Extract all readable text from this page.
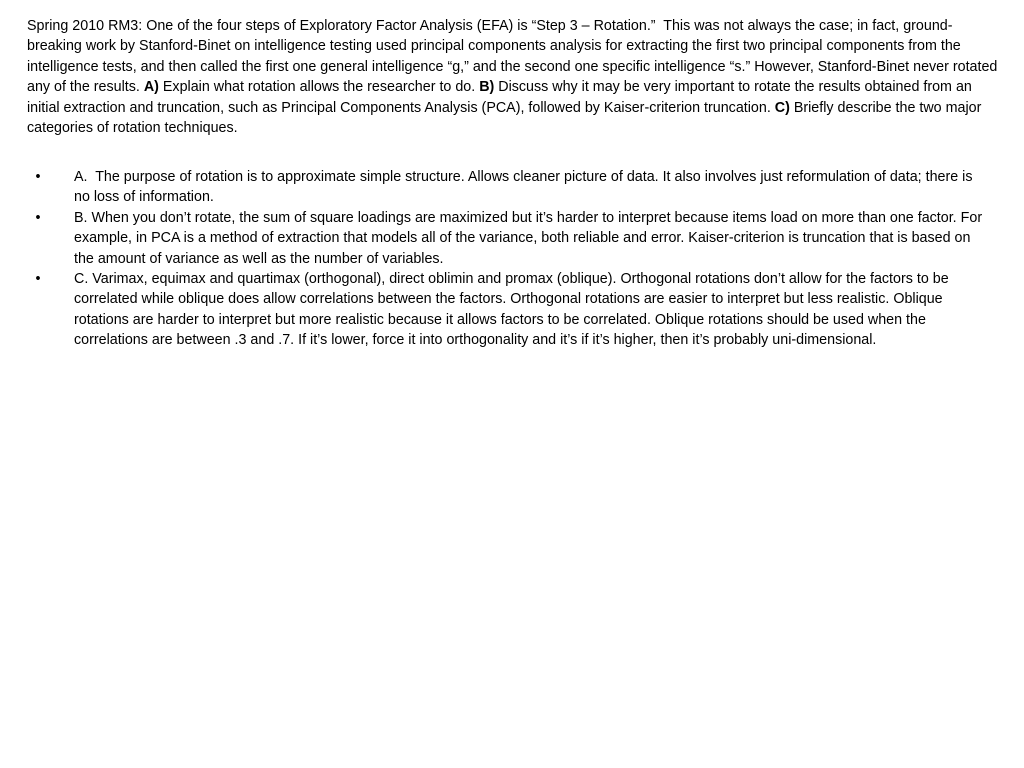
Spring 2010 RM3: One of the four steps of Exploratory Factor Analysis (EFA) is “Step 3 – Rotation.”  This was not always the case; in fact, ground-breaking work by Stanford-Binet on intelligence testing used principal components analysis for extracting the first two principal components from the intelligence tests, and then called the first one general intelligence “g,” and the second one specific intelligence “s.” However, Stanford-Binet never rotated any of the results. A) Explain what rotation allows the researcher to do. B) Discuss why it may be very important to rotate the results obtained from an initial extraction and truncation, such as Principal Components Analysis (PCA), followed by Kaiser-criterion truncation. C) Briefly describe the two major categories of rotation techniques.

• A.  The purpose of rotation is to approximate simple structure. Allows cleaner picture of data. It also involves just reformulation of data; there is no loss of information.
• B. When you don’t rotate, the sum of square loadings are maximized but it’s harder to interpret because items load on more than one factor. For example, in PCA is a method of extraction that models all of the variance, both reliable and error. Kaiser-criterion is truncation that is based on the amount of variance as well as the number of variables.
• C. Varimax, equimax and quartimax (orthogonal), direct oblimin and promax (oblique). Orthogonal rotations don’t allow for the factors to be correlated while oblique does allow correlations between the factors. Orthogonal rotations are easier to interpret but less realistic. Oblique rotations are harder to interpret but more realistic because it allows factors to be correlated. Oblique rotations should be used when the correlations are between .3 and .7. If it’s lower, force it into orthogonality and it’s if it’s higher, then it’s probably uni-dimensional.
